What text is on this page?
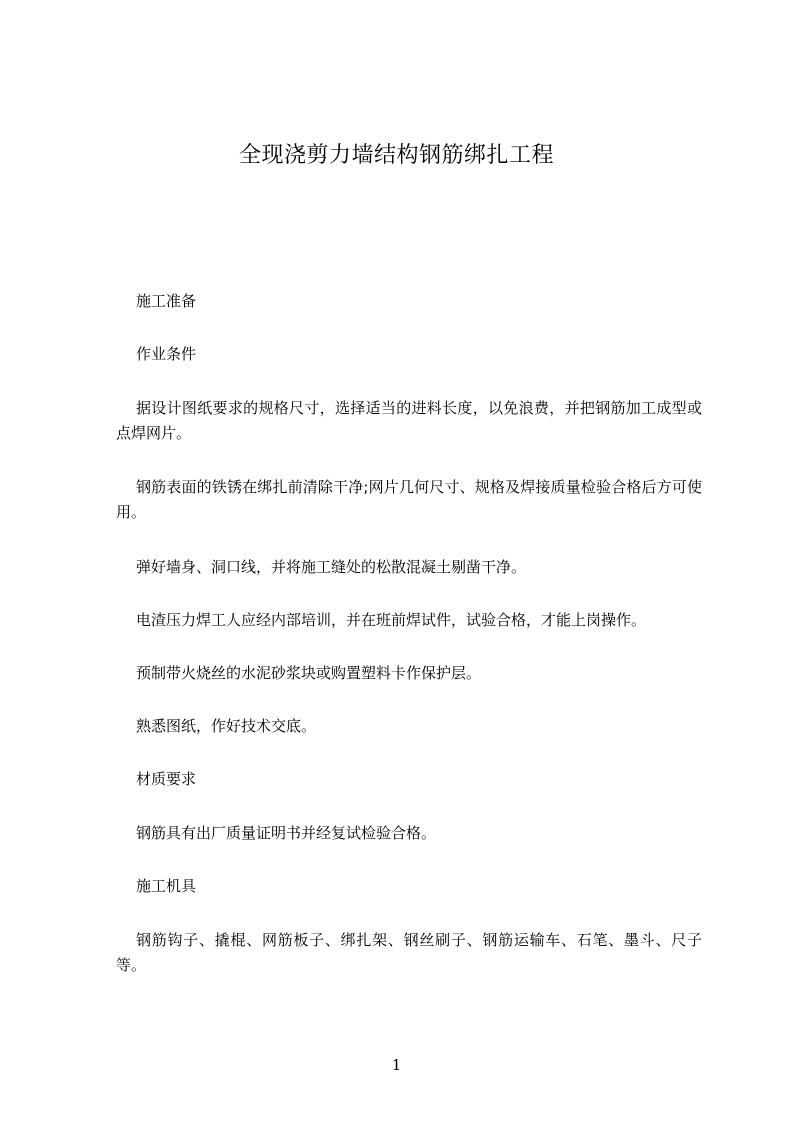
全现浇剪力墙结构钢筋绑扎工程

施工准备

作业条件

据设计图纸要求的规格尺寸，选择适当的进料长度，以免浪费，并把钢筋加工成型或点焊网片。

钢筋表面的铁锈在绑扎前清除干净;网片几何尺寸、规格及焊接质量检验合格后方可使用。

弹好墙身、洞口线，并将施工缝处的松散混凝土剔凿干净。

电渣压力焊工人应经内部培训，并在班前焊试件，试验合格，才能上岗操作。

预制带火烧丝的水泥砂浆块或购置塑料卡作保护层。

熟悉图纸，作好技术交底。

材质要求

钢筋具有出厂质量证明书并经复试检验合格。

施工机具

钢筋钩子、撬棍、网筋板子、绑扎架、钢丝刷子、钢筋运输车、石笔、墨斗、尺子等。

1
